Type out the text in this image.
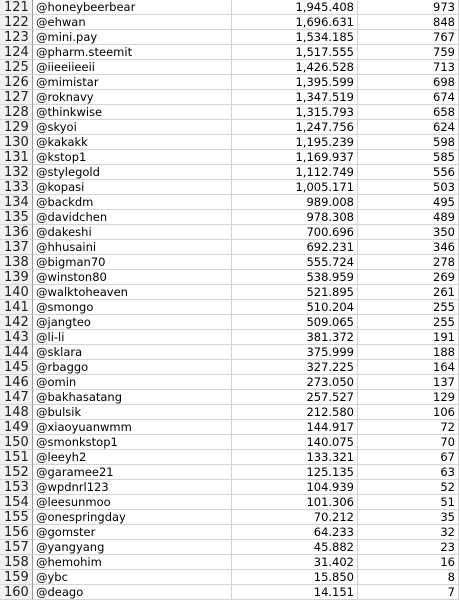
121 @honeybeerbear	1,945.408	973
122 @ehwan	1,696.631	848
123 @mini.pay	1,534.185	767
124 @pharm.steemit	1,517.555	759
125 @iieeiieeii	1,426.528	713
126 @mimistar	1,395.599	698
127 @roknavy	1,347.519	674
128 @thinkwise	1,315.793	658
129 @skyoi	1,247.756	624
130 @kakakk	1,195.239	598
131 @kstop1	1,169.937	585
132 @stylegold	1,112.749	556
133 @kopasi	1,005.171	503
134 @backdm	989.008	495
135 @davidchen	978.308	489
136 @dakeshi	700.696	350
137 @hhusaini	692.231	346
138 @bigman70	555.724	278
139 @winston80	538.959	269
140 @walktoheaven	521.895	261
141 @smongo	510.204	255
142 @jangteo	509.065	255
143 @li-li	381.372	191
144 @sklara	375.999	188
145 @rbaggo	327.225	164
146 @omin	273.050	137
147 @bakhasatang	257.527	129
148 @bulsik	212.580	106
149 @xiaoyuanwmm	144.917	72
150 @smonkstop1	140.075	70
151 @leeyh2	133.321	67
152 @garamee21	125.135	63
153 @wpdnrl123	104.939	52
154 @leesunmoo	101.306	51
155 @onespringday	70.212	35
156 @gomster	64.233	32
157 @yangyang	45.882	23
158 @hemohim	31.402	16
159 @ybc	15.850	8
160 @deago	14.151	7
